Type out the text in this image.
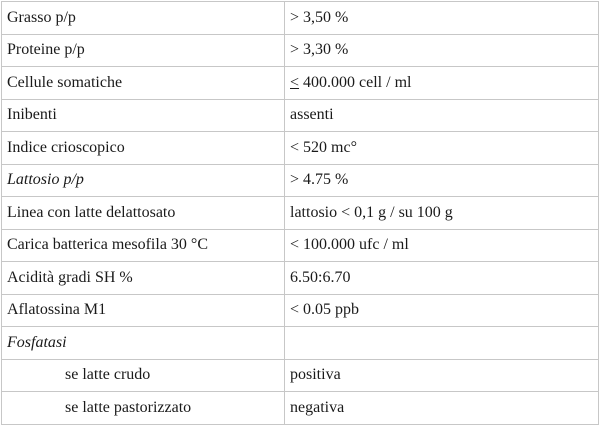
Grasso p/p	> 3,50 %
Proteine p/p	> 3,30 %
Cellule somatiche	≤ 400.000 cell / ml
Inibenti	assenti
Indice crioscopico	< 520 mc°
Lattosio p/p	> 4.75 %
Linea con latte delattosato	lattosio < 0,1 g / su 100 g
Carica batterica mesofila 30 °C	< 100.000 ufc / ml
Acidità gradi SH %	6.50:6.70
Aflatossina M1	< 0.05 ppb
Fosfatasi	
se latte crudo	positiva
se latte pastorizzato	negativa
